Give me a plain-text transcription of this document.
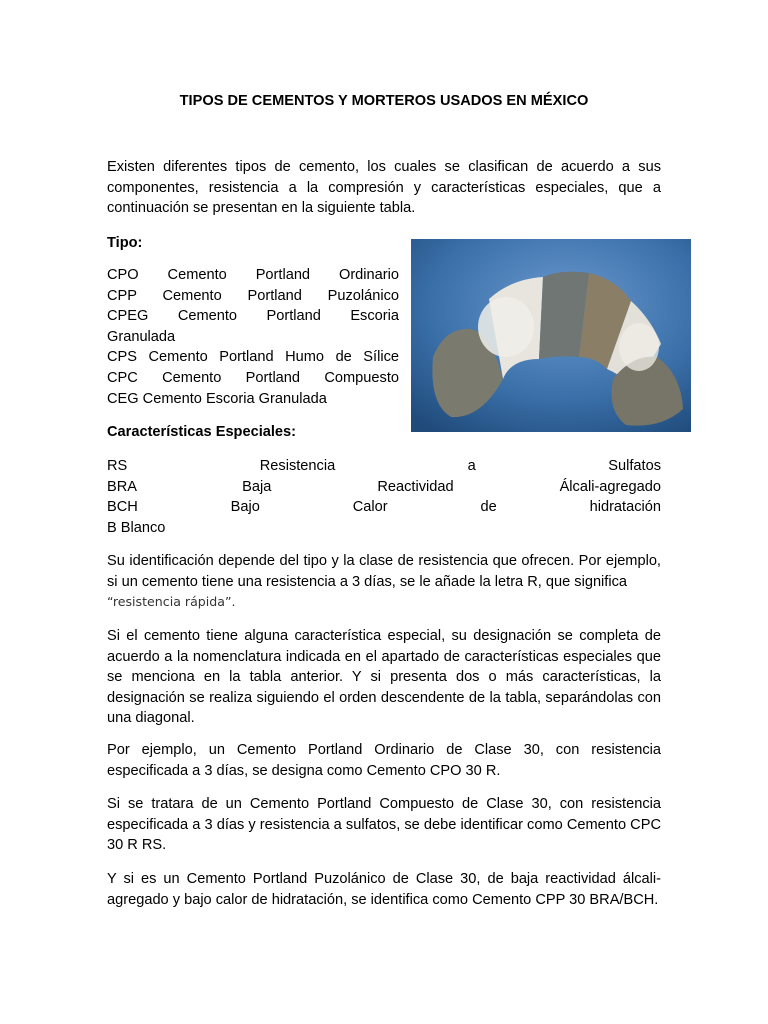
TIPOS DE CEMENTOS Y MORTEROS USADOS EN MÉXICO
Existen diferentes tipos de cemento, los cuales se clasifican de acuerdo a sus componentes, resistencia a la compresión y características especiales, que a continuación se presentan en la siguiente tabla.
Tipo:
CPO Cemento Portland Ordinario
CPP Cemento Portland Puzolánico
CPEG Cemento Portland Escoria
Granulada
CPS Cemento Portland Humo de Sílice
CPC Cemento Portland Compuesto
CEG Cemento Escoria Granulada
Características Especiales:
RS Resistencia a Sulfatos
BRA Baja Reactividad Álcali-agregado
BCH Bajo Calor de hidratación
B Blanco
Su identificación depende del tipo y la clase de resistencia que ofrecen. Por ejemplo, si un cemento tiene una resistencia a 3 días, se le añade la letra R, que significa
“resistencia rápida”.
Si el cemento tiene alguna característica especial, su designación se completa de acuerdo a la nomenclatura indicada en el apartado de características especiales que se menciona en la tabla anterior. Y si presenta dos o más características, la designación se realiza siguiendo el orden descendente de la tabla, separándolas con una diagonal.
Por ejemplo, un Cemento Portland Ordinario de Clase 30, con resistencia especificada a 3 días, se designa como Cemento CPO 30 R.
Si se tratara de un Cemento Portland Compuesto de Clase 30, con resistencia especificada a 3 días y resistencia a sulfatos, se debe identificar como Cemento CPC 30 R RS.
Y si es un Cemento Portland Puzolánico de Clase 30, de baja reactividad álcali-agregado y bajo calor de hidratación, se identifica como Cemento CPP 30 BRA/BCH.
